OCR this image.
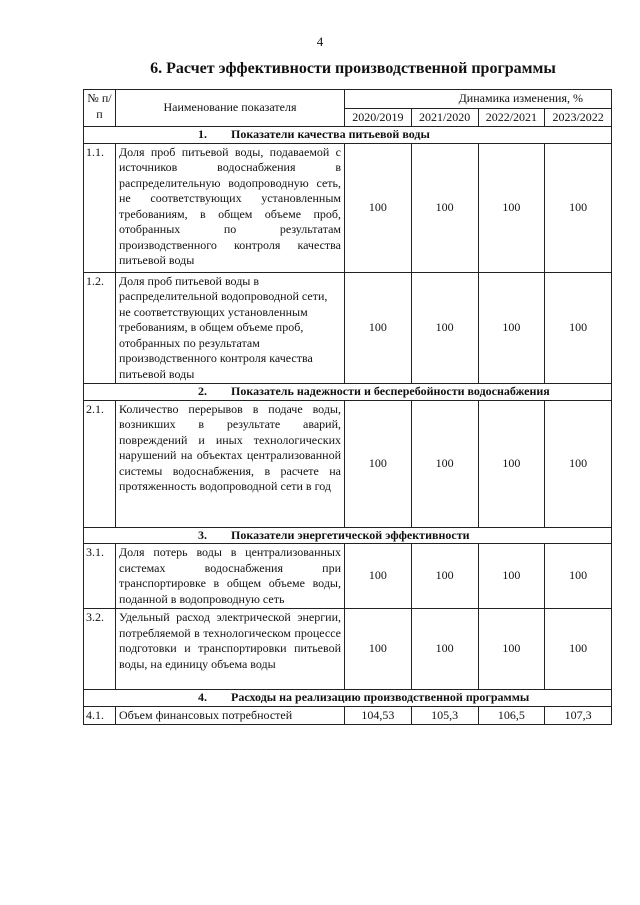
4
6. Расчет эффективности производственной программы
№ п/п	Наименование показателя	Динамика изменения, %			
		2020/2019	2021/2020	2022/2021	2023/2022
1. Показатели качества питьевой воды					
1.1.	Доля проб питьевой воды, подаваемой с источников водоснабжения в распределительную водопроводную сеть, не соответствующих установленным требованиям, в общем объеме проб, отобранных по результатам производственного контроля качества питьевой воды	100	100	100	100
1.2.	Доля проб питьевой воды в распределительной водопроводной сети, не соответствующих установленным требованиям, в общем объеме проб, отобранных по результатам производственного контроля качества питьевой воды	100	100	100	100
2. Показатель надежности и бесперебойности водоснабжения					
2.1.	Количество перерывов в подаче воды, возникших в результате аварий, повреждений и иных технологических нарушений на объектах централизованной системы водоснабжения, в расчете на протяженность водопроводной сети в год	100	100	100	100
3. Показатели энергетической эффективности					
3.1.	Доля потерь воды в централизованных системах водоснабжения при транспортировке в общем объеме воды, поданной в водопроводную сеть	100	100	100	100
3.2.	Удельный расход электрической энергии, потребляемой в технологическом процессе подготовки и транспортировки питьевой воды, на единицу объема воды	100	100	100	100
4. Расходы на реализацию производственной программы					
4.1.	Объем финансовых потребностей	104,53	105,3	106,5	107,3
